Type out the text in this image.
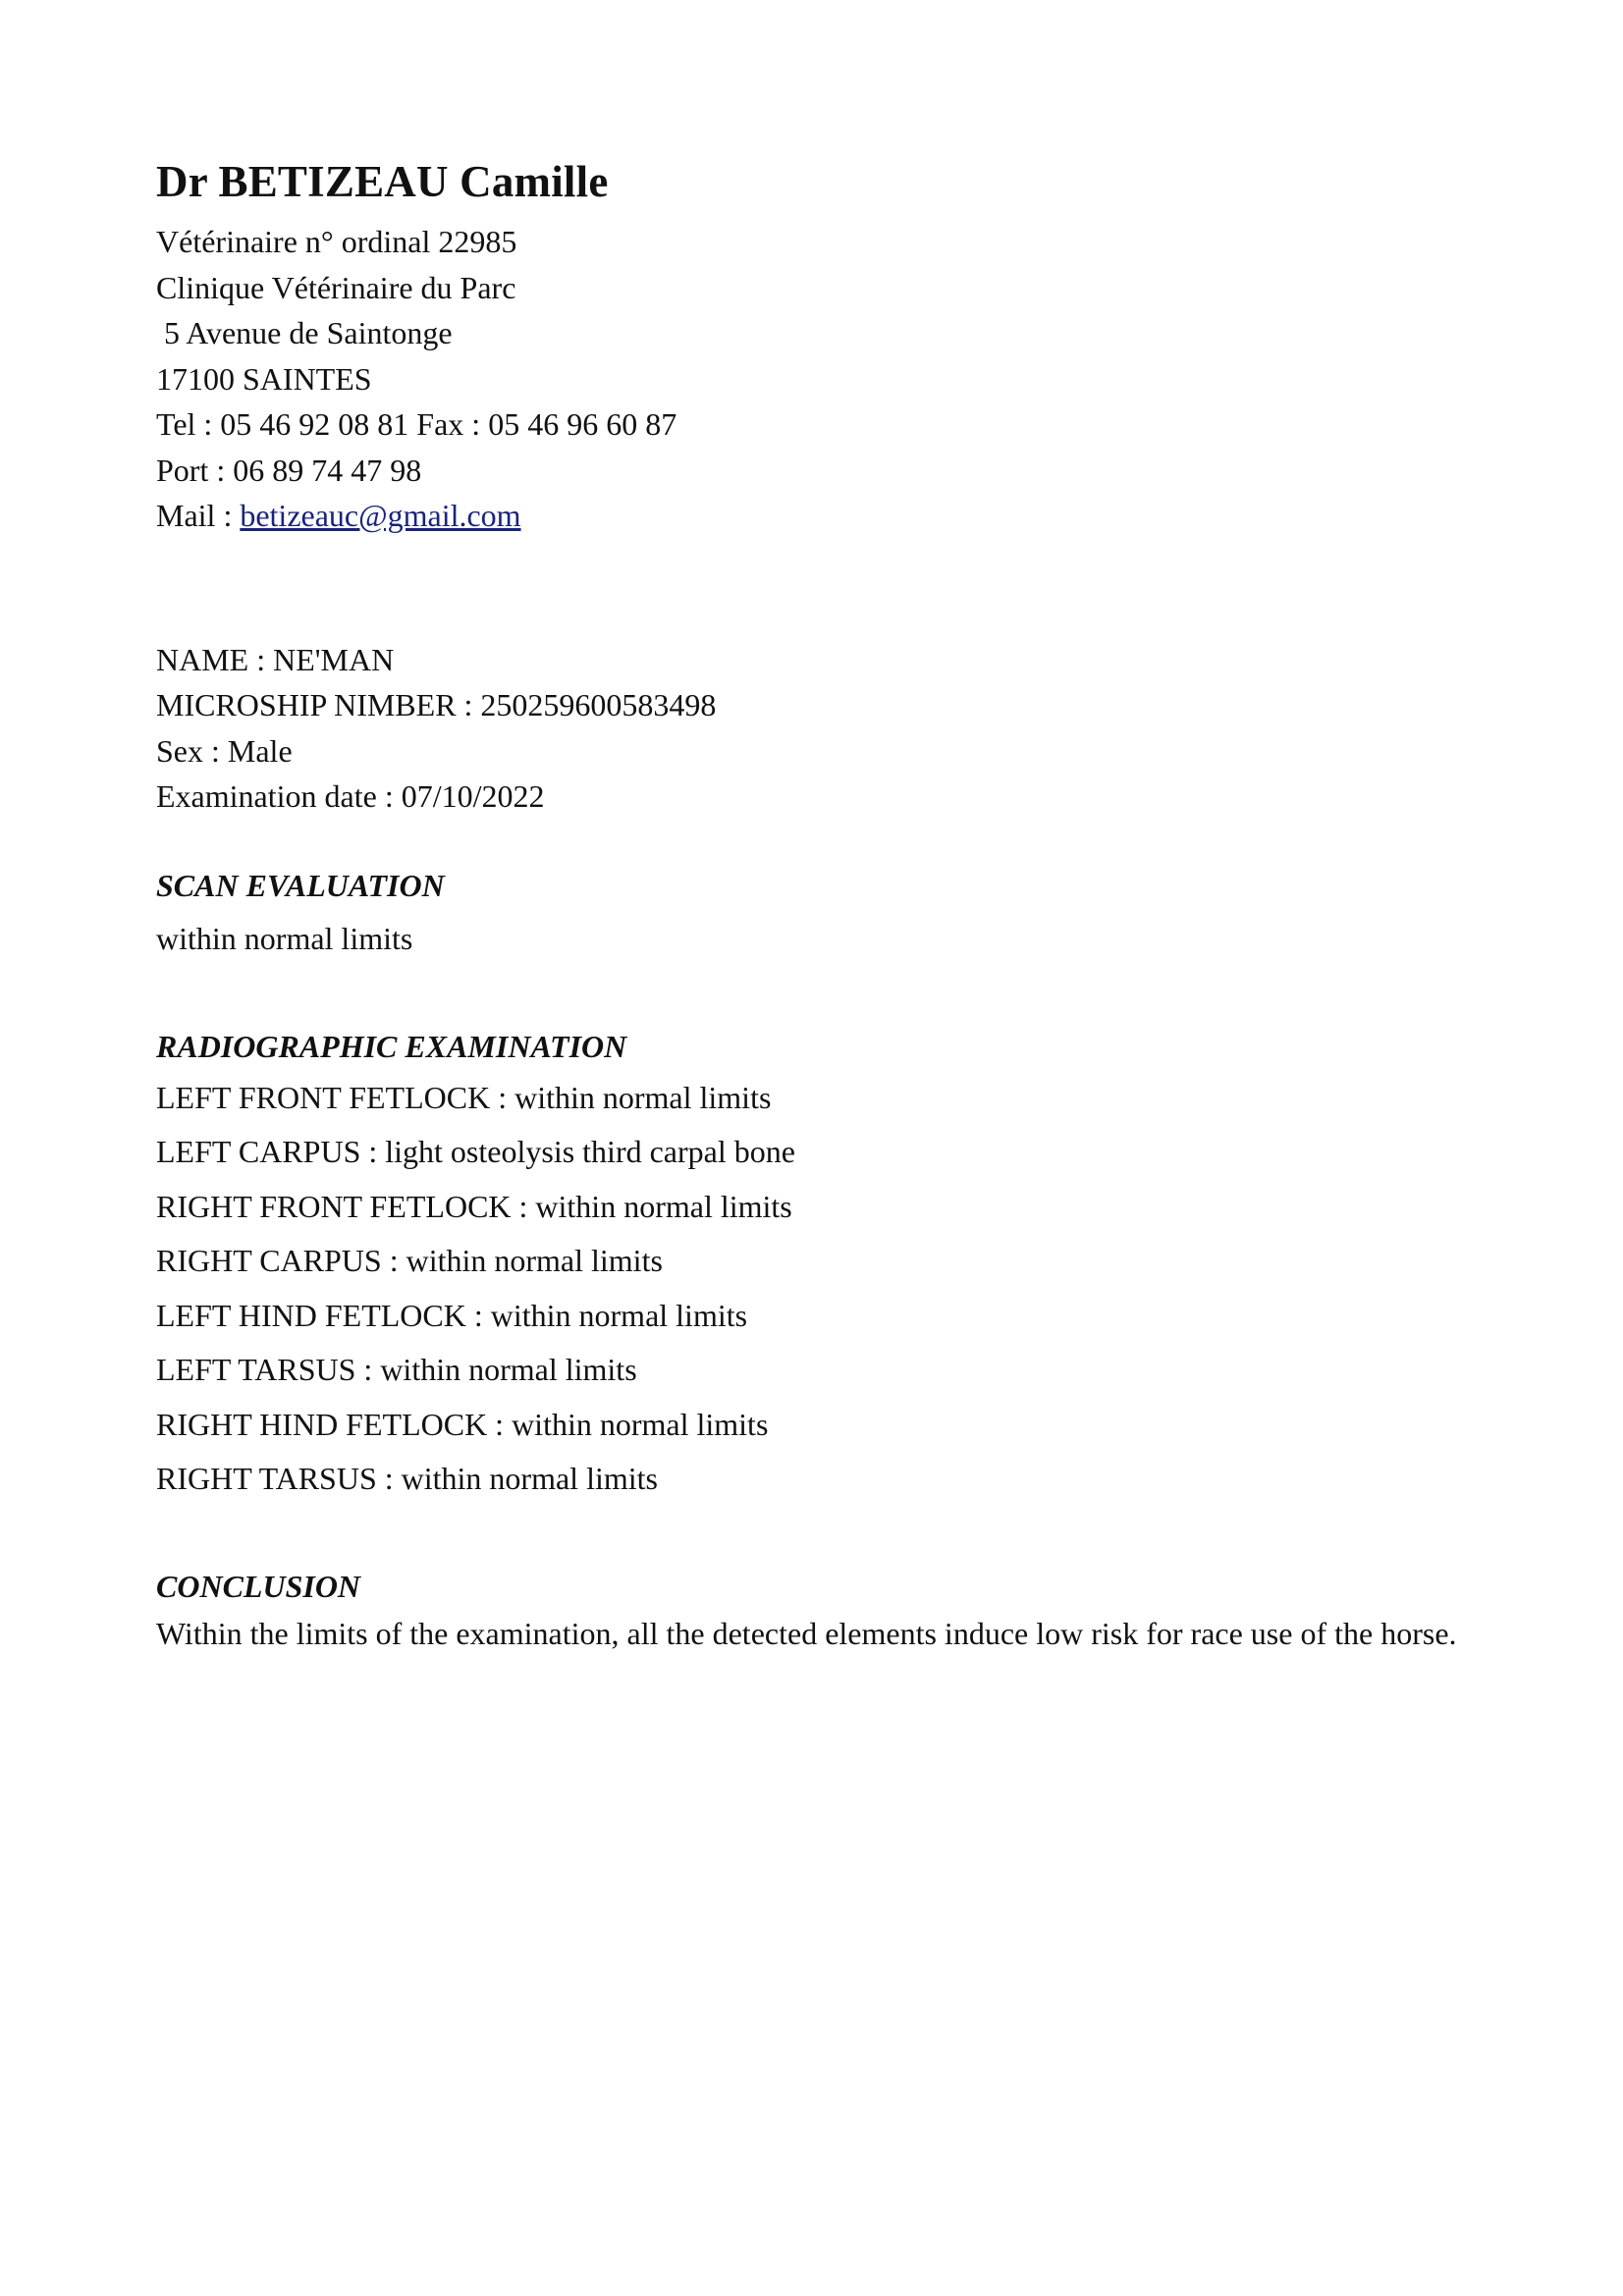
Dr BETIZEAU Camille

Vétérinaire n° ordinal 22985

Clinique Vétérinaire du Parc

5 Avenue de Saintonge

17100 SAINTES

Tel : 05 46 92 08 81 Fax : 05 46 96 60 87

Port : 06 89 74 47 98

Mail : betizeauc@gmail.com

NAME : NE'MAN

MICROSHIP NIMBER : 250259600583498

Sex : Male

Examination date : 07/10/2022

SCAN EVALUATION

within normal limits

RADIOGRAPHIC EXAMINATION

LEFT FRONT FETLOCK : within normal limits

LEFT CARPUS : light osteolysis third carpal bone

RIGHT FRONT FETLOCK : within normal limits

RIGHT CARPUS : within normal limits

LEFT HIND FETLOCK : within normal limits

LEFT TARSUS : within normal limits

RIGHT HIND FETLOCK : within normal limits

RIGHT TARSUS : within normal limits

CONCLUSION

Within the limits of the examination, all the detected elements induce low risk for race use of the horse.
